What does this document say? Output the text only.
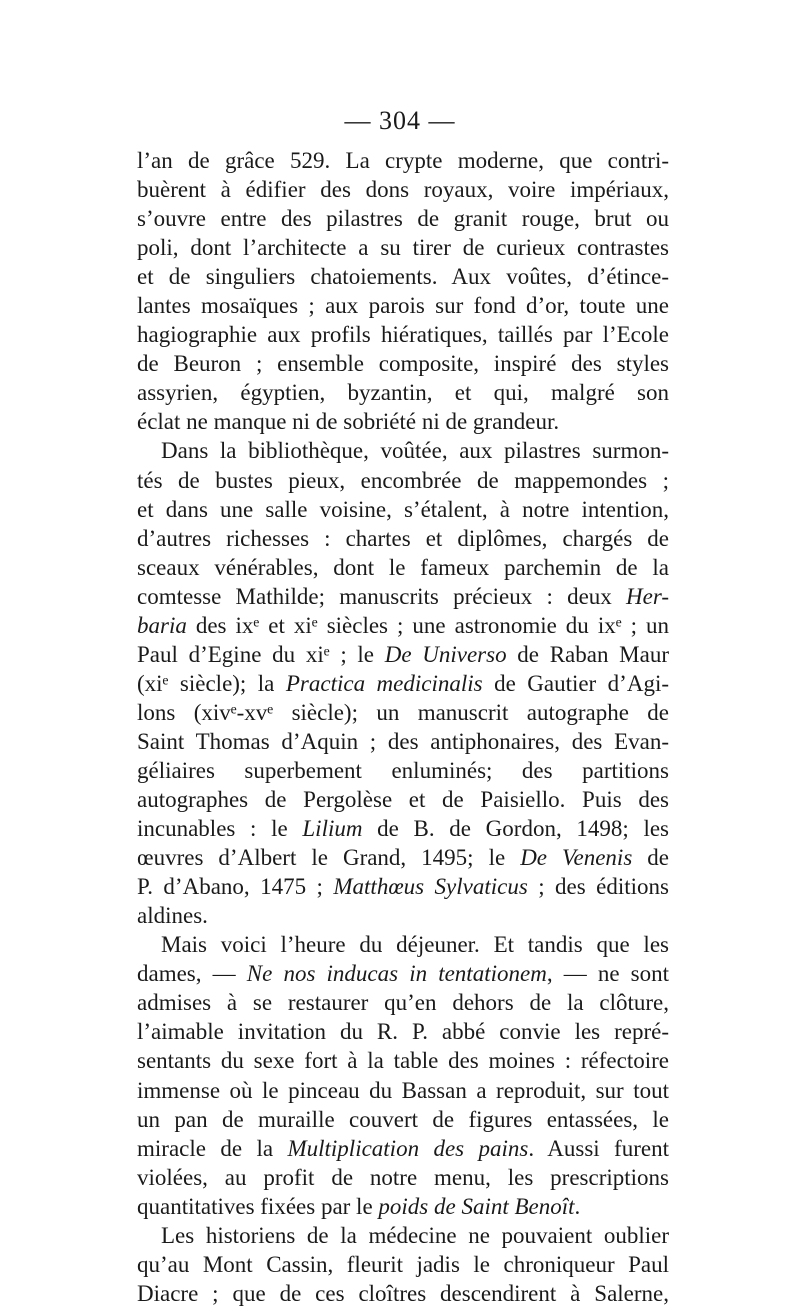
— 304 —
l’an de grâce 529. La crypte moderne, que contri-
buèrent à édifier des dons royaux, voire impériaux,
s’ouvre entre des pilastres de granit rouge, brut ou
poli, dont l’architecte a su tirer de curieux contrastes
et de singuliers chatoiements. Aux voûtes, d’étince-
lantes mosaïques ; aux parois sur fond d’or, toute une
hagiographie aux profils hiératiques, taillés par l’Ecole
de Beuron ; ensemble composite, inspiré des styles
assyrien, égyptien, byzantin, et qui, malgré son
éclat ne manque ni de sobriété ni de grandeur.
Dans la bibliothèque, voûtée, aux pilastres surmon-
tés de bustes pieux, encombrée de mappemondes ;
et dans une salle voisine, s’étalent, à notre intention,
d’autres richesses : chartes et diplômes, chargés de
sceaux vénérables, dont le fameux parchemin de la
comtesse Mathilde; manuscrits précieux : deux Her-
baria des ixᵉ et xiᵉ siècles ; une astronomie du ixᵉ ; un
Paul d’Egine du xiᵉ ; le De Universo de Raban Maur
(xiᵉ siècle); la Practica medicinalis de Gautier d’Agi-
lons (xivᵉ-xvᵉ siècle); un manuscrit autographe de
Saint Thomas d’Aquin ; des antiphonaires, des Evan-
géliaires superbement enluminés; des partitions
autographes de Pergolèse et de Paisiello. Puis des
incunables : le Lilium de B. de Gordon, 1498; les
œuvres d’Albert le Grand, 1495; le De Venenis de
P. d’Abano, 1475 ; Matthœus Sylvaticus ; des éditions
aldines.
Mais voici l’heure du déjeuner. Et tandis que les
dames, — Ne nos inducas in tentationem, — ne sont
admises à se restaurer qu’en dehors de la clôture,
l’aimable invitation du R. P. abbé convie les repré-
sentants du sexe fort à la table des moines : réfectoire
immense où le pinceau du Bassan a reproduit, sur tout
un pan de muraille couvert de figures entassées, le
miracle de la Multiplication des pains. Aussi furent
violées, au profit de notre menu, les prescriptions
quantitatives fixées par le poids de Saint Benoît.
Les historiens de la médecine ne pouvaient oublier
qu’au Mont Cassin, fleurit jadis le chroniqueur Paul
Diacre ; que de ces cloîtres descendirent à Salerne,
